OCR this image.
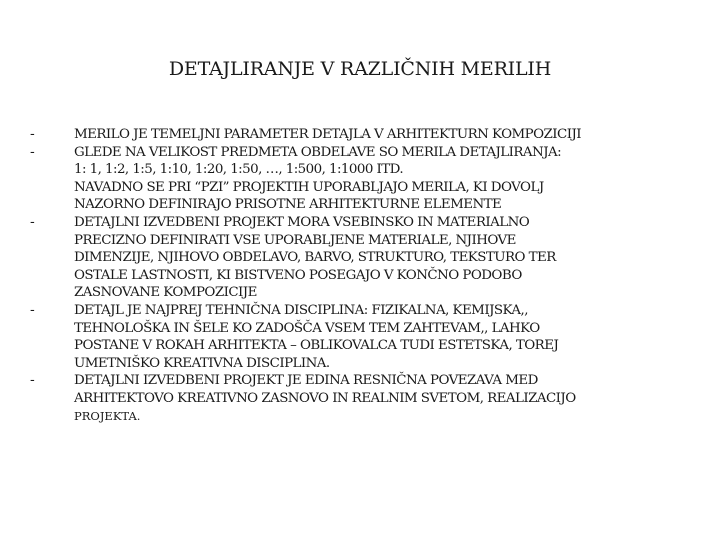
DETAJLIRANJE V RAZLIČNIH MERILIH
-	MERILO JE TEMELJNI PARAMETER DETAJLA V ARHITEKTURN KOMPOZICIJI
-	GLEDE NA VELIKOST PREDMETA OBDELAVE SO MERILA DETAJLIRANJA:
1: 1, 1:2, 1:5, 1:10, 1:20, 1:50, …, 1:500, 1:1000 ITD.
NAVADNO SE PRI “PZI” PROJEKTIH UPORABLJAJO MERILA, KI DOVOLJ
NAZORNO DEFINIRAJO PRISOTNE ARHITEKTURNE ELEMENTE
-	DETAJLNI IZVEDBENI PROJEKT MORA VSEBINSKO IN MATERIALNO
PRECIZNO DEFINIRATI VSE UPORABLJENE MATERIALE, NJIHOVE
DIMENZIJE, NJIHOVO OBDELAVO, BARVO, STRUKTURO, TEKSTURO TER
OSTALE LASTNOSTI, KI BISTVENO POSEGAJO V KONČNO PODOBO
ZASNOVANE KOMPOZICIJE
-	DETAJL JE NAJPREJ TEHNIČNA DISCIPLINA: FIZIKALNA, KEMIJSKA,,
TEHNOLOŠKA IN ŠELE KO ZADOŠČA VSEM TEM ZAHTEVAM,, LAHKO
POSTANE V ROKAH ARHITEKTA – OBLIKOVALCA TUDI ESTETSKA, TOREJ
UMETNIŠKO KREATIVNA DISCIPLINA.
-	DETAJLNI IZVEDBENI PROJEKT JE EDINA RESNIČNA POVEZAVA MED
ARHITEKTOVO KREATIVNO ZASNOVO IN REALNIM SVETOM, REALIZACIJO
PROJEKTA.
